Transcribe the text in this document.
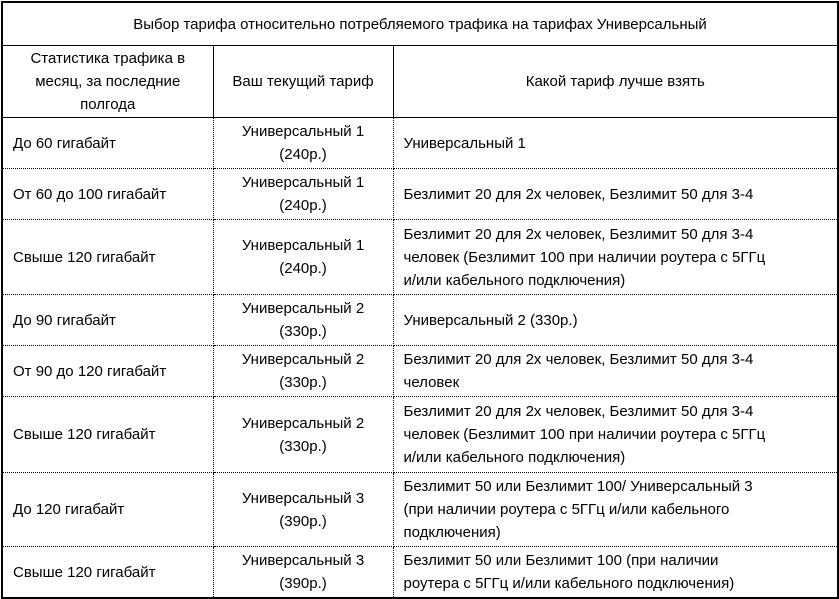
Выбор тарифа относительно потребляемого трафика на тарифах Универсальный		
Статистика трафика в месяц, за последние полгода	Ваш текущий тариф	Какой тариф лучше взять
До 60 гигабайт	Универсальный 1 (240р.)	Универсальный 1
От 60 до 100 гигабайт	Универсальный 1 (240р.)	Безлимит 20 для 2х человек, Безлимит 50 для 3-4
Свыше 120 гигабайт	Универсальный 1 (240р.)	Безлимит 20 для 2х человек, Безлимит 50 для 3-4 человек (Безлимит 100 при наличии роутера с 5ГГц и/или кабельного подключения)
До 90 гигабайт	Универсальный 2 (330р.)	Универсальный 2 (330р.)
От 90 до 120 гигабайт	Универсальный 2 (330р.)	Безлимит 20 для 2х человек, Безлимит 50 для 3-4 человек
Свыше 120 гигабайт	Универсальный 2 (330р.)	Безлимит 20 для 2х человек, Безлимит 50 для 3-4 человек (Безлимит 100 при наличии роутера с 5ГГц и/или кабельного подключения)
До 120 гигабайт	Универсальный 3 (390р.)	Безлимит 50 или Безлимит 100/ Универсальный 3 (при наличии роутера с 5ГГц и/или кабельного подключения)
Свыше 120 гигабайт	Универсальный 3 (390р.)	Безлимит 50 или Безлимит 100 (при наличии роутера с 5ГГц и/или кабельного подключения)
